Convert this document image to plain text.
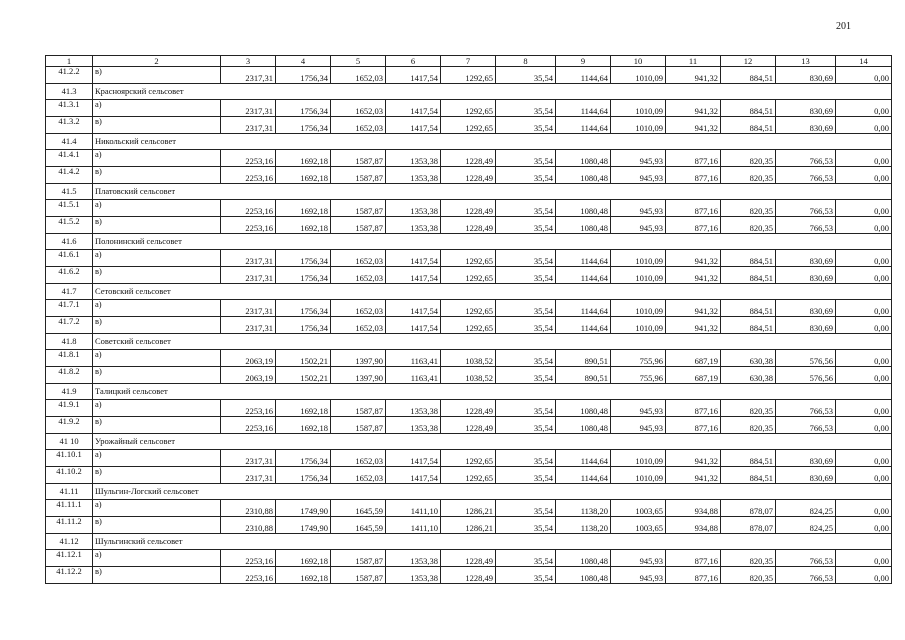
201
1	2	3	4	5	6	7	8	9	10	11	12	13	14
41.2.2	в)	2317,31	1756,34	1652,03	1417,54	1292,65	35,54	1144,64	1010,09	941,32	884,51	830,69	0,00
41.3	Красноярский сельсовет												
41.3.1	а)	2317,31	1756,34	1652,03	1417,54	1292,65	35,54	1144,64	1010,09	941,32	884,51	830,69	0,00
41.3.2	в)	2317,31	1756,34	1652,03	1417,54	1292,65	35,54	1144,64	1010,09	941,32	884,51	830,69	0,00
41.4	Никольский сельсовет												
41.4.1	а)	2253,16	1692,18	1587,87	1353,38	1228,49	35,54	1080,48	945,93	877,16	820,35	766,53	0,00
41.4.2	в)	2253,16	1692,18	1587,87	1353,38	1228,49	35,54	1080,48	945,93	877,16	820,35	766,53	0,00
41.5	Платовский сельсовет												
41.5.1	а)	2253,16	1692,18	1587,87	1353,38	1228,49	35,54	1080,48	945,93	877,16	820,35	766,53	0,00
41.5.2	в)	2253,16	1692,18	1587,87	1353,38	1228,49	35,54	1080,48	945,93	877,16	820,35	766,53	0,00
41.6	Полонинский сельсовет												
41.6.1	а)	2317,31	1756,34	1652,03	1417,54	1292,65	35,54	1144,64	1010,09	941,32	884,51	830,69	0,00
41.6.2	в)	2317,31	1756,34	1652,03	1417,54	1292,65	35,54	1144,64	1010,09	941,32	884,51	830,69	0,00
41.7	Сетовский сельсовет												
41.7.1	а)	2317,31	1756,34	1652,03	1417,54	1292,65	35,54	1144,64	1010,09	941,32	884,51	830,69	0,00
41.7.2	в)	2317,31	1756,34	1652,03	1417,54	1292,65	35,54	1144,64	1010,09	941,32	884,51	830,69	0,00
41.8	Советский сельсовет												
41.8.1	а)	2063,19	1502,21	1397,90	1163,41	1038,52	35,54	890,51	755,96	687,19	630,38	576,56	0,00
41.8.2	в)	2063,19	1502,21	1397,90	1163,41	1038,52	35,54	890,51	755,96	687,19	630,38	576,56	0,00
41.9	Талицкий сельсовет												
41.9.1	а)	2253,16	1692,18	1587,87	1353,38	1228,49	35,54	1080,48	945,93	877,16	820,35	766,53	0,00
41.9.2	в)	2253,16	1692,18	1587,87	1353,38	1228,49	35,54	1080,48	945,93	877,16	820,35	766,53	0,00
41 10	Урожайный сельсовет												
41.10.1	а)	2317,31	1756,34	1652,03	1417,54	1292,65	35,54	1144,64	1010,09	941,32	884,51	830,69	0,00
41.10.2	в)	2317,31	1756,34	1652,03	1417,54	1292,65	35,54	1144,64	1010,09	941,32	884,51	830,69	0,00
41.11	Шульгин-Логский сельсовет												
41.11.1	а)	2310,88	1749,90	1645,59	1411,10	1286,21	35,54	1138,20	1003,65	934,88	878,07	824,25	0,00
41.11.2	в)	2310,88	1749,90	1645,59	1411,10	1286,21	35,54	1138,20	1003,65	934,88	878,07	824,25	0,00
41.12	Шульгинский сельсовет												
41.12.1	а)	2253,16	1692,18	1587,87	1353,38	1228,49	35,54	1080,48	945,93	877,16	820,35	766,53	0,00
41.12.2	в)	2253,16	1692,18	1587,87	1353,38	1228,49	35,54	1080,48	945,93	877,16	820,35	766,53	0,00
